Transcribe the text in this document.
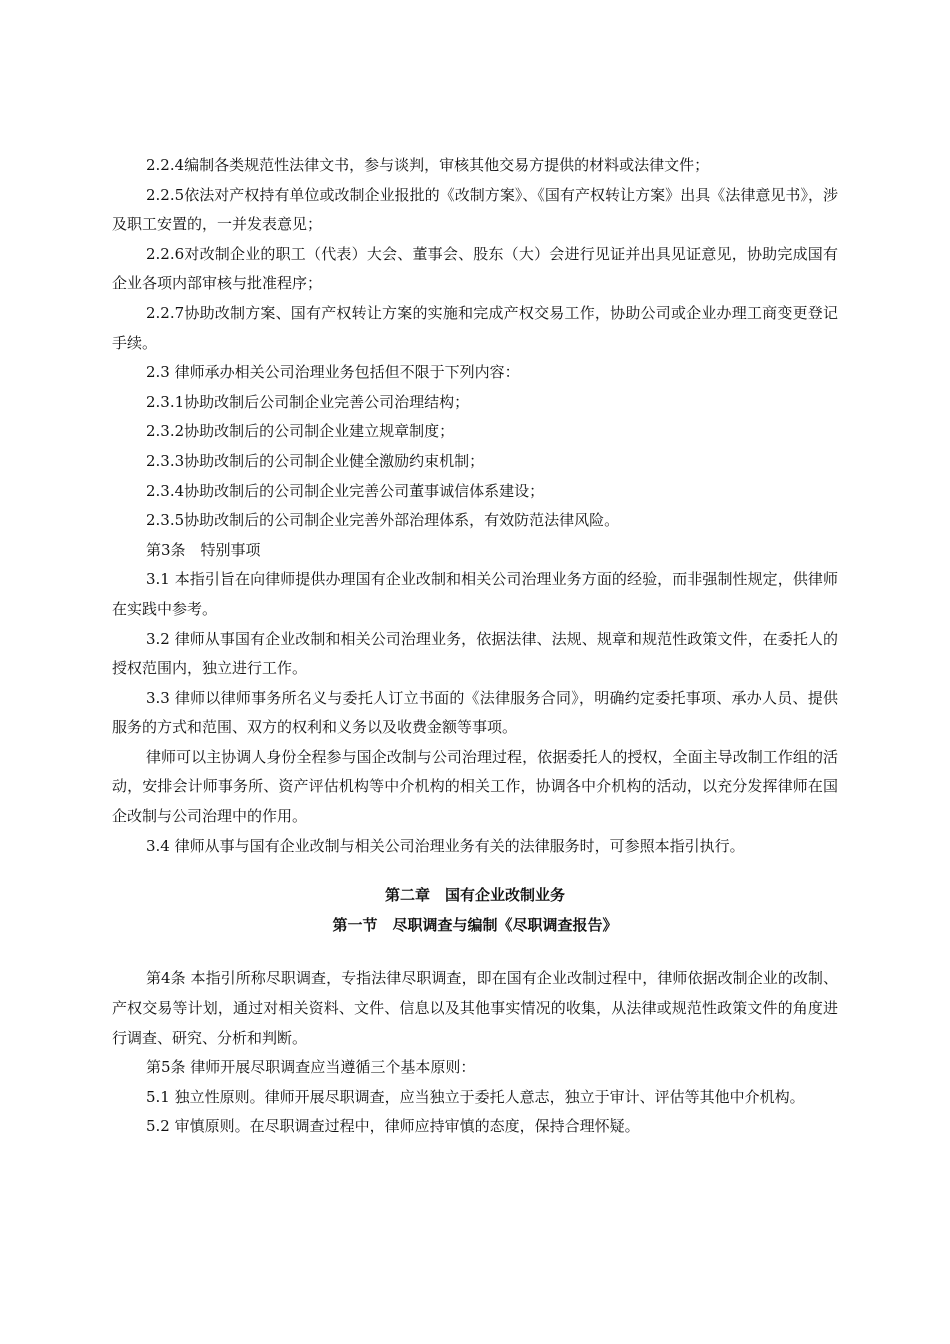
2.2.4编制各类规范性法律文书，参与谈判，审核其他交易方提供的材料或法律文件；

2.2.5依法对产权持有单位或改制企业报批的《改制方案》、《国有产权转让方案》出具《法律意见书》，涉及职工安置的，一并发表意见；

2.2.6对改制企业的职工（代表）大会、董事会、股东（大）会进行见证并出具见证意见，协助完成国有企业各项内部审核与批准程序；

2.2.7协助改制方案、国有产权转让方案的实施和完成产权交易工作，协助公司或企业办理工商变更登记手续。

2.3 律师承办相关公司治理业务包括但不限于下列内容：

2.3.1协助改制后公司制企业完善公司治理结构；

2.3.2协助改制后的公司制企业建立规章制度；

2.3.3协助改制后的公司制企业健全激励约束机制；

2.3.4协助改制后的公司制企业完善公司董事诚信体系建设；

2.3.5协助改制后的公司制企业完善外部治理体系，有效防范法律风险。

第3条　特别事项

3.1 本指引旨在向律师提供办理国有企业改制和相关公司治理业务方面的经验，而非强制性规定，供律师在实践中参考。

3.2 律师从事国有企业改制和相关公司治理业务，依据法律、法规、规章和规范性政策文件，在委托人的授权范围内，独立进行工作。

3.3 律师以律师事务所名义与委托人订立书面的《法律服务合同》，明确约定委托事项、承办人员、提供服务的方式和范围、双方的权利和义务以及收费金额等事项。

律师可以主协调人身份全程参与国企改制与公司治理过程，依据委托人的授权，全面主导改制工作组的活动，安排会计师事务所、资产评估机构等中介机构的相关工作，协调各中介机构的活动，以充分发挥律师在国企改制与公司治理中的作用。

3.4 律师从事与国有企业改制与相关公司治理业务有关的法律服务时，可参照本指引执行。

第二章　国有企业改制业务

第一节　尽职调查与编制《尽职调查报告》

第4条 本指引所称尽职调查，专指法律尽职调查，即在国有企业改制过程中，律师依据改制企业的改制、产权交易等计划，通过对相关资料、文件、信息以及其他事实情况的收集，从法律或规范性政策文件的角度进行调查、研究、分析和判断。

第5条 律师开展尽职调查应当遵循三个基本原则：

5.1 独立性原则。律师开展尽职调查，应当独立于委托人意志，独立于审计、评估等其他中介机构。

5.2 审慎原则。在尽职调查过程中，律师应持审慎的态度，保持合理怀疑。
